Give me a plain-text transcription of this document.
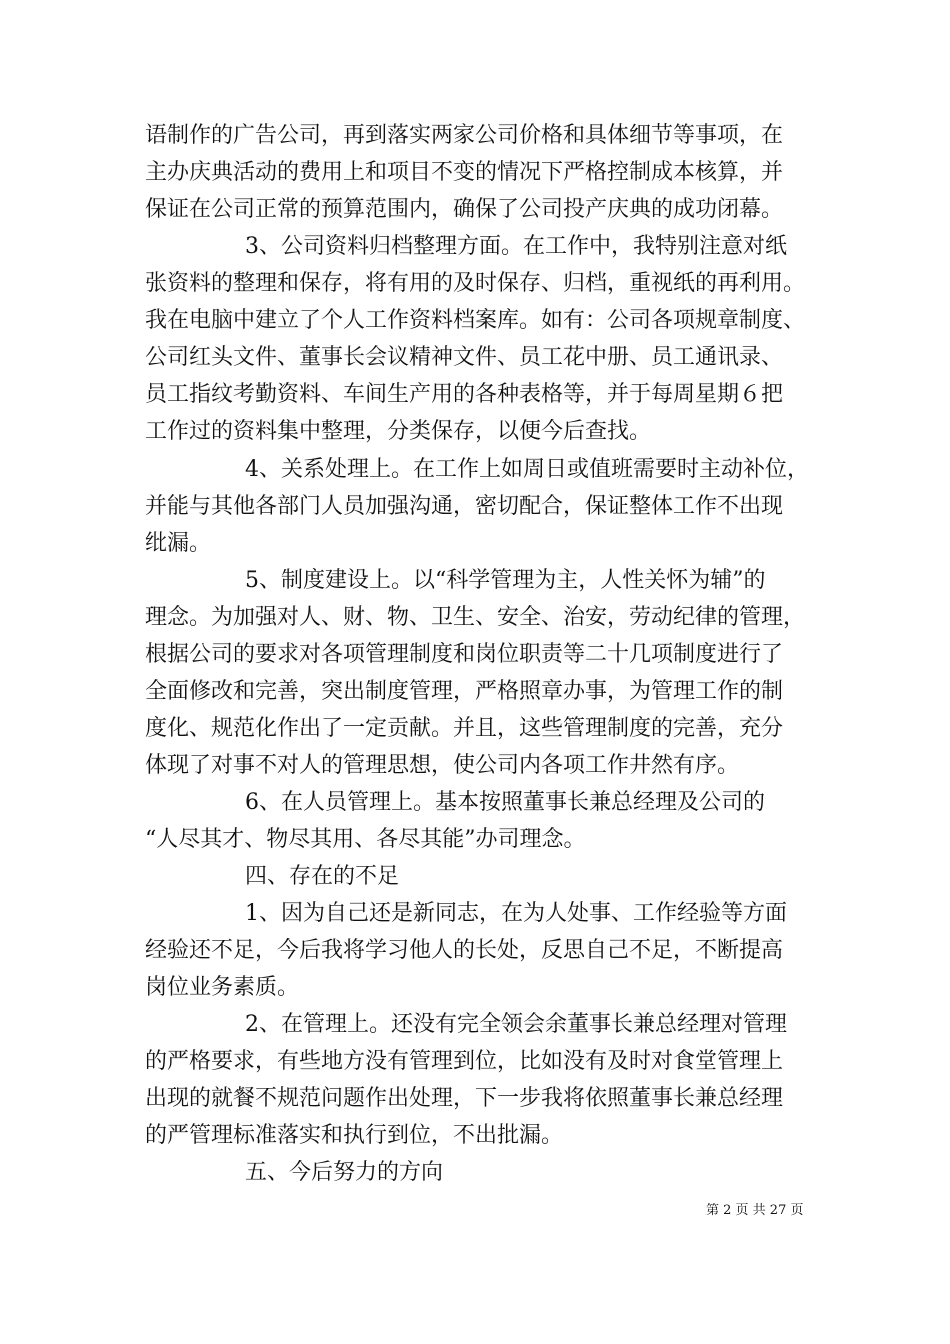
语制作的广告公司，再到落实两家公司价格和具体细节等事项，在
主办庆典活动的费用上和项目不变的情况下严格控制成本核算，并
保证在公司正常的预算范围内，确保了公司投产庆典的成功闭幕。
3、公司资料归档整理方面。在工作中，我特别注意对纸
张资料的整理和保存，将有用的及时保存、归档，重视纸的再利用。
我在电脑中建立了个人工作资料档案库。如有：公司各项规章制度、
公司红头文件、董事长会议精神文件、员工花中册、员工通讯录、
员工指纹考勤资料、车间生产用的各种表格等，并于每周星期６把
工作过的资料集中整理，分类保存，以便今后查找。
4、关系处理上。在工作上如周日或值班需要时主动补位，
并能与其他各部门人员加强沟通，密切配合，保证整体工作不出现
纰漏。
5、制度建设上。以“科学管理为主，人性关怀为辅”的
理念。为加强对人、财、物、卫生、安全、治安，劳动纪律的管理，
根据公司的要求对各项管理制度和岗位职责等二十几项制度进行了
全面修改和完善，突出制度管理，严格照章办事，为管理工作的制
度化、规范化作出了一定贡献。并且，这些管理制度的完善，充分
体现了对事不对人的管理思想，使公司内各项工作井然有序。
6、在人员管理上。基本按照董事长兼总经理及公司的
“人尽其才、物尽其用、各尽其能”办司理念。
四、存在的不足
1、因为自己还是新同志，在为人处事、工作经验等方面
经验还不足，今后我将学习他人的长处，反思自己不足，不断提高
岗位业务素质。
2、在管理上。还没有完全领会余董事长兼总经理对管理
的严格要求，有些地方没有管理到位，比如没有及时对食堂管理上
出现的就餐不规范问题作出处理，下一步我将依照董事长兼总经理
的严管理标准落实和执行到位，不出批漏。
五、今后努力的方向
第 2 页 共 27 页
